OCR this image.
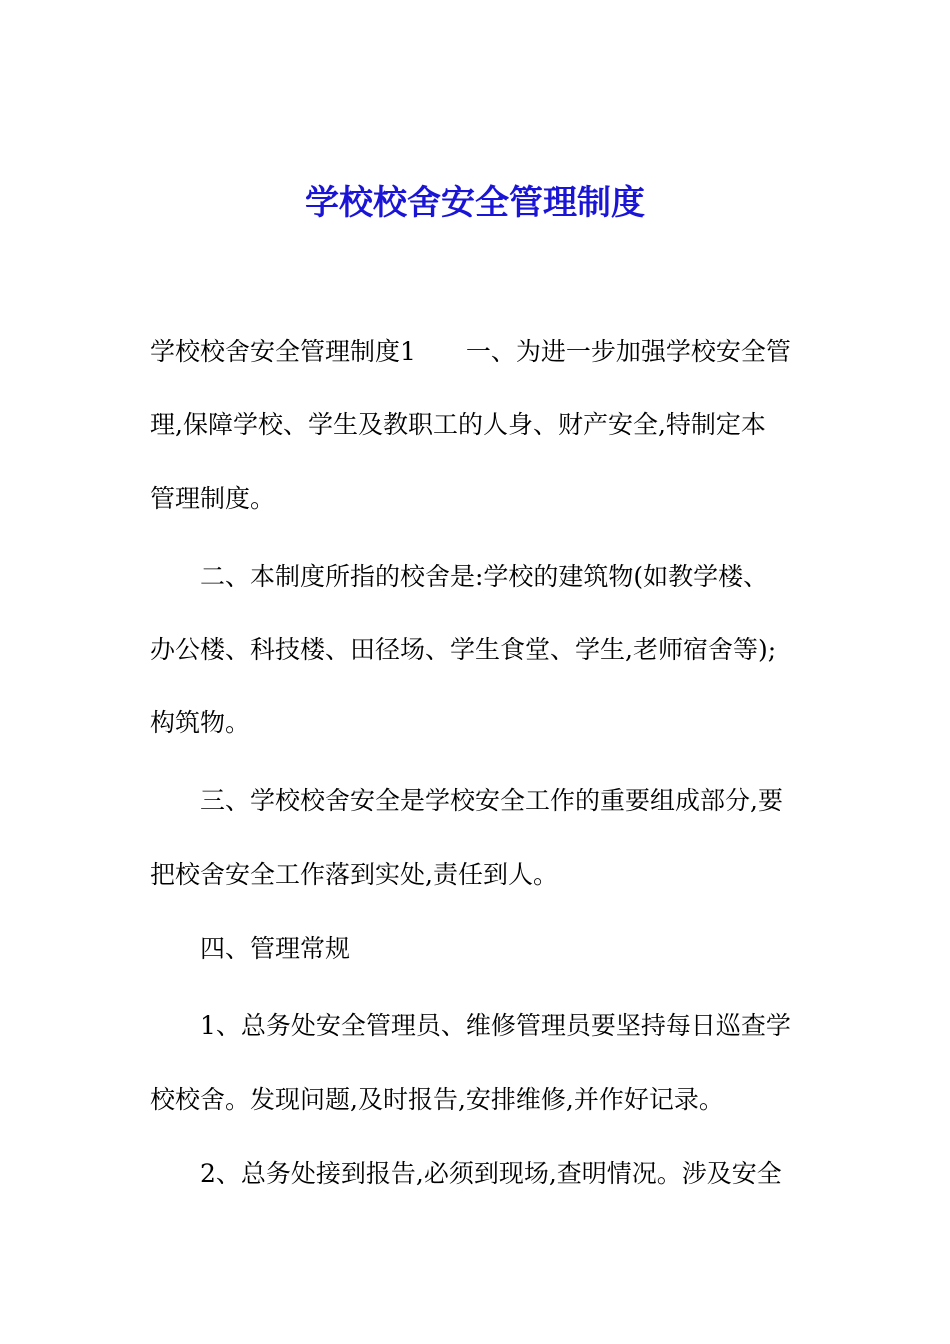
学校校舍安全管理制度

学校校舍安全管理制度1　　一、为进一步加强学校安全管

理,保障学校、学生及教职工的人身、财产安全,特制定本

管理制度。

　　二、本制度所指的校舍是:学校的建筑物(如教学楼、

办公楼、科技楼、田径场、学生食堂、学生,老师宿舍等);

构筑物。

　　三、学校校舍安全是学校安全工作的重要组成部分,要

把校舍安全工作落到实处,责任到人。

　　四、管理常规

　　1、总务处安全管理员、维修管理员要坚持每日巡查学

校校舍。发现问题,及时报告,安排维修,并作好记录。

　　2、总务处接到报告,必须到现场,查明情况。涉及安全
